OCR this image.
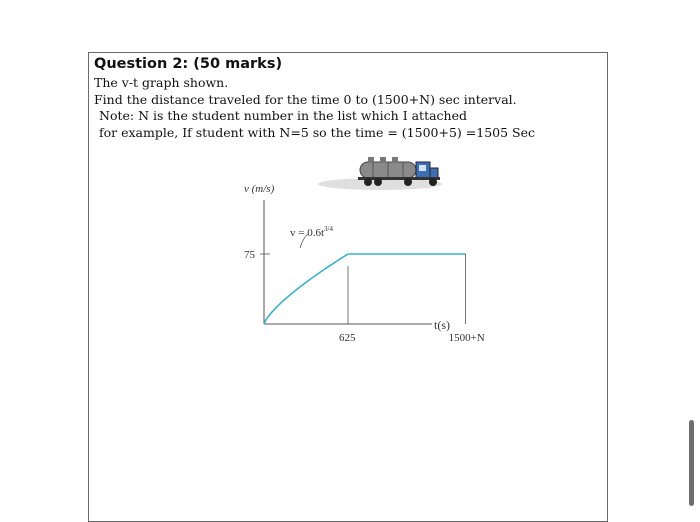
Question 2: (50 marks)
The v-t graph shown.
Find the distance traveled for the time 0 to (1500+N) sec interval.
Note: N is the student number in the list which I attached
for example, If student with N=5 so the time = (1500+5) =1505 Sec
v (m/s)
t(s)
75
625	1500+N
$v = 0.6t^{3/4}$
